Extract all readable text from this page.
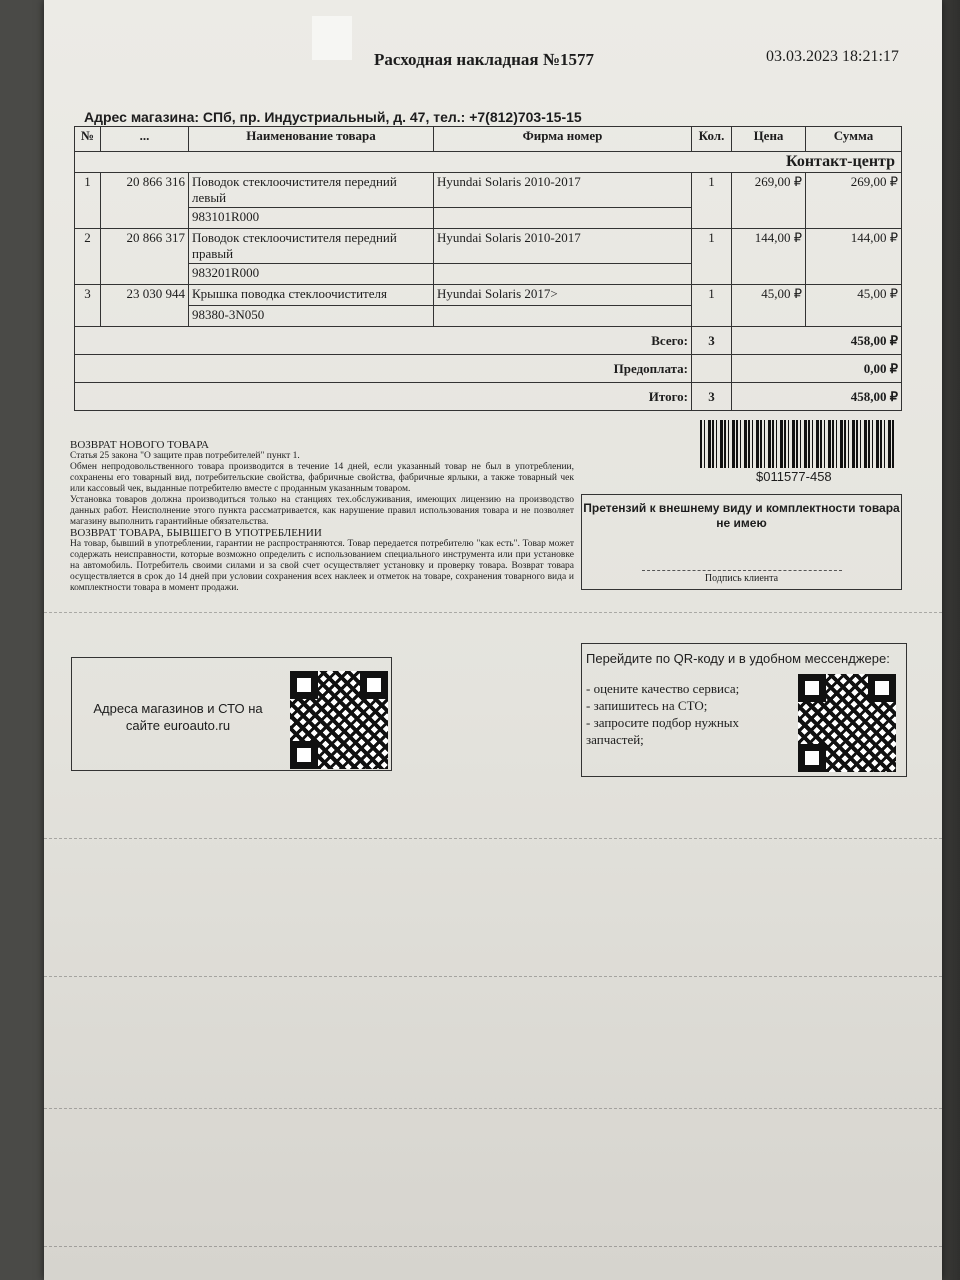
Расходная накладная №1577	03.03.2023 18:21:17
Адрес магазина: СПб, пр. Индустриальный, д. 47, тел.: +7(812)703-15-15
№	...	Наименование товара	Фирма номер	Кол.	Цена	Сумма
Контакт-центр						
1	20 866 316	Поводок стеклоочистителя передний левый	Hyundai Solaris 2010-2017	1	269,00 ₽	269,00 ₽
		983101R000				
2	20 866 317	Поводок стеклоочистителя передний правый	Hyundai Solaris 2010-2017	1	144,00 ₽	144,00 ₽
		983201R000				
3	23 030 944	Крышка поводка стеклоочистителя	Hyundai Solaris 2017>	1	45,00 ₽	45,00 ₽
		98380-3N050				
Всего:				3	458,00 ₽	
Предоплата:					0,00 ₽	
Итого:				3	458,00 ₽	
$011577-458

ВОЗВРАТ НОВОГО ТОВАРА

Статья 25 закона "О защите прав потребителей" пункт 1.

Обмен непродовольственного товара производится в течение 14 дней, если указанный товар не был в употреблении, сохранены его товарный вид, потребительские свойства, фабричные свойства, фабричные ярлыки, а также товарный чек или кассовый чек, выданные потребителю вместе с проданным указанным товаром.

Установка товаров должна производиться только на станциях тех.обслуживания, имеющих лицензию на производство данных работ. Неисполнение этого пункта рассматривается, как нарушение правил использования товара и не позволяет магазину выполнить гарантийные обязательства.

ВОЗВРАТ ТОВАРА, БЫВШЕГО В УПОТРЕБЛЕНИИ

На товар, бывший в употреблении, гарантии не распространяются. Товар передается потребителю "как есть". Товар может содержать неисправности, которые возможно определить с использованием специального инструмента или при установке на автомобиль. Потребитель своими силами и за свой счет осуществляет установку и проверку товара. Возврат товара осуществляется в срок до 14 дней при условии сохранения всех наклеек и отметок на товаре, сохранения товарного вида и комплектности товара в момент продажи.

Претензий к внешнему виду и комплектности товара не имею
Подпись клиента
Адреса магазинов и СТО на сайте euroauto.ru
Перейдите по QR-коду и в удобном мессенджере:
- оцените качество сервиса;
- запишитесь на СТО;
- запросите подбор нужных запчастей;
